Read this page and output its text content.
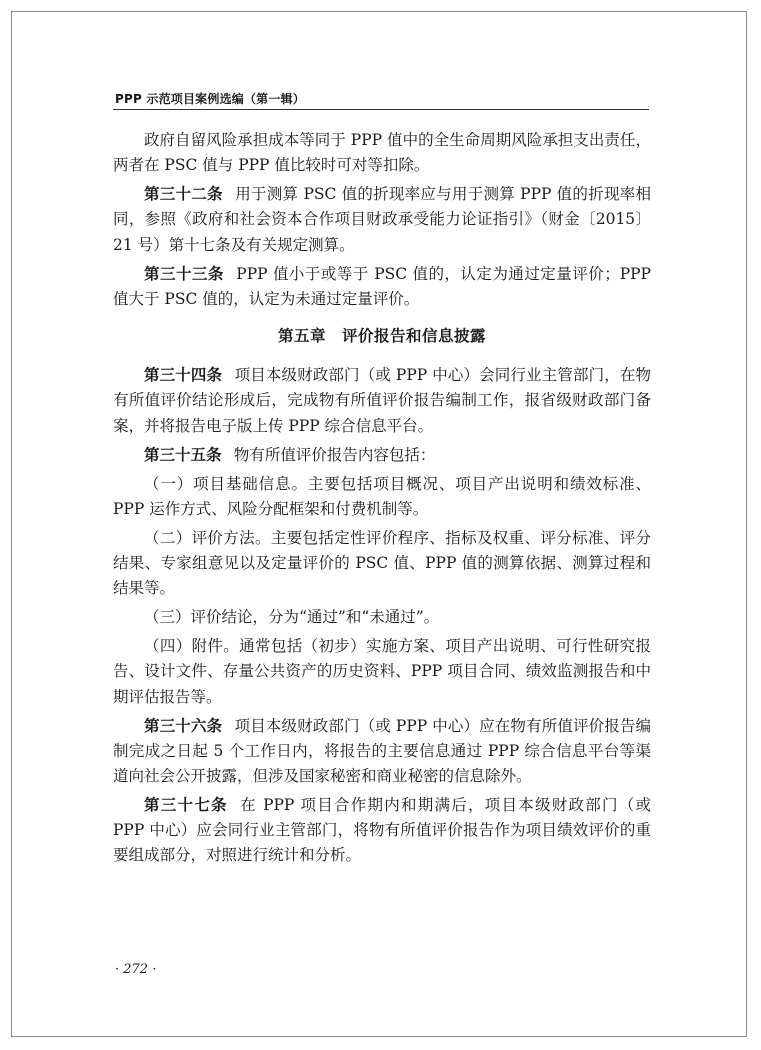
PPP 示范项目案例选编（第一辑）

政府自留风险承担成本等同于 PPP 值中的全生命周期风险承担支出责任，两者在 PSC 值与 PPP 值比较时可对等扣除。

第三十二条 用于测算 PSC 值的折现率应与用于测算 PPP 值的折现率相同，参照《政府和社会资本合作项目财政承受能力论证指引》（财金〔2015〕21 号）第十七条及有关规定测算。

第三十三条 PPP 值小于或等于 PSC 值的，认定为通过定量评价；PPP 值大于 PSC 值的，认定为未通过定量评价。

第五章　评价报告和信息披露

第三十四条 项目本级财政部门（或 PPP 中心）会同行业主管部门，在物有所值评价结论形成后，完成物有所值评价报告编制工作，报省级财政部门备案，并将报告电子版上传 PPP 综合信息平台。

第三十五条 物有所值评价报告内容包括：

（一）项目基础信息。主要包括项目概况、项目产出说明和绩效标准、PPP 运作方式、风险分配框架和付费机制等。

（二）评价方法。主要包括定性评价程序、指标及权重、评分标准、评分结果、专家组意见以及定量评价的 PSC 值、PPP 值的测算依据、测算过程和结果等。

（三）评价结论，分为“通过”和“未通过”。

（四）附件。通常包括（初步）实施方案、项目产出说明、可行性研究报告、设计文件、存量公共资产的历史资料、PPP 项目合同、绩效监测报告和中期评估报告等。

第三十六条 项目本级财政部门（或 PPP 中心）应在物有所值评价报告编制完成之日起 5 个工作日内，将报告的主要信息通过 PPP 综合信息平台等渠道向社会公开披露，但涉及国家秘密和商业秘密的信息除外。

第三十七条 在 PPP 项目合作期内和期满后，项目本级财政部门（或 PPP 中心）应会同行业主管部门，将物有所值评价报告作为项目绩效评价的重要组成部分，对照进行统计和分析。

· 272 ·
